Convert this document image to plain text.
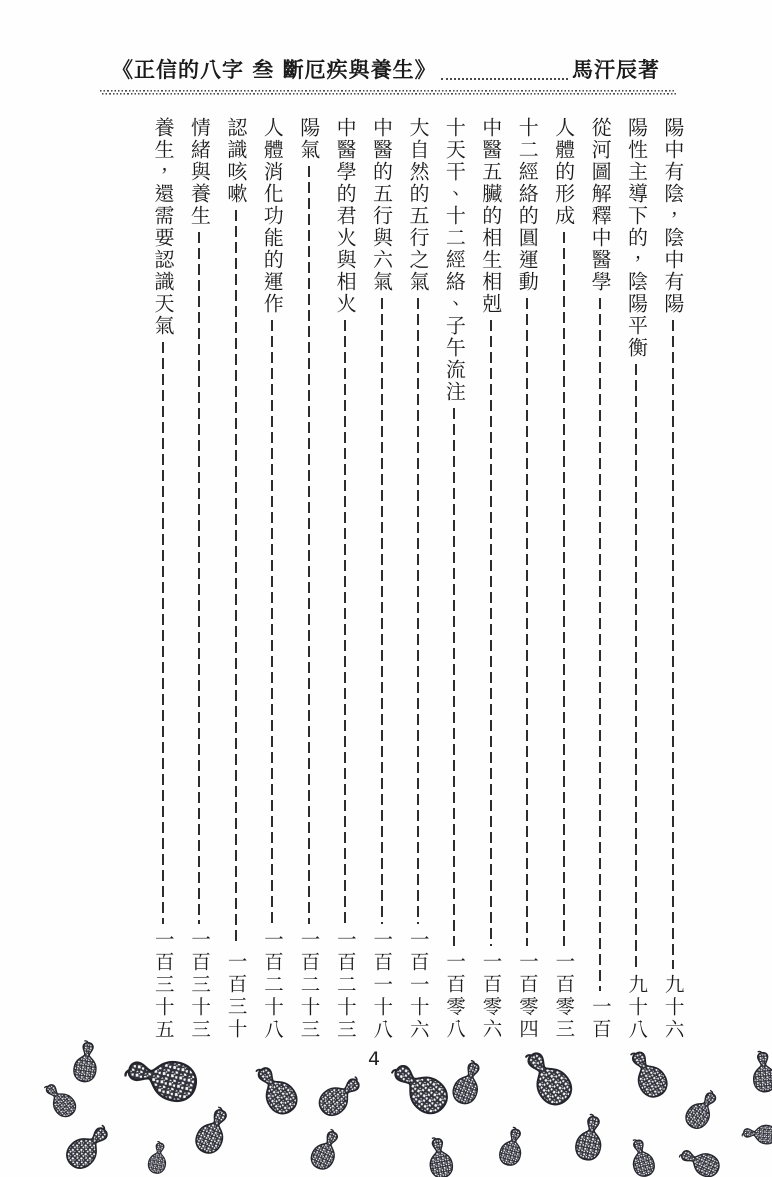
《正信的八字 叁 斷厄疾與養生》	馬汗辰著
陽中有陰，陰中有陽
九十六
陽性主導下的，陰陽平衡
九十八
從河圖解釋中醫學
一百
人體的形成
一百零三
十二經絡的圓運動
一百零四
中醫五臟的相生相剋
一百零六
十天干、十二經絡、子午流注
一百零八
大自然的五行之氣
一百一十六
中醫的五行與六氣
一百一十八
中醫學的君火與相火
一百二十三
陽氣
一百二十三
人體消化功能的運作
一百二十八
認識咳嗽
一百三十
情緒與養生
一百三十三
養生，還需要認識天氣
一百三十五
4
